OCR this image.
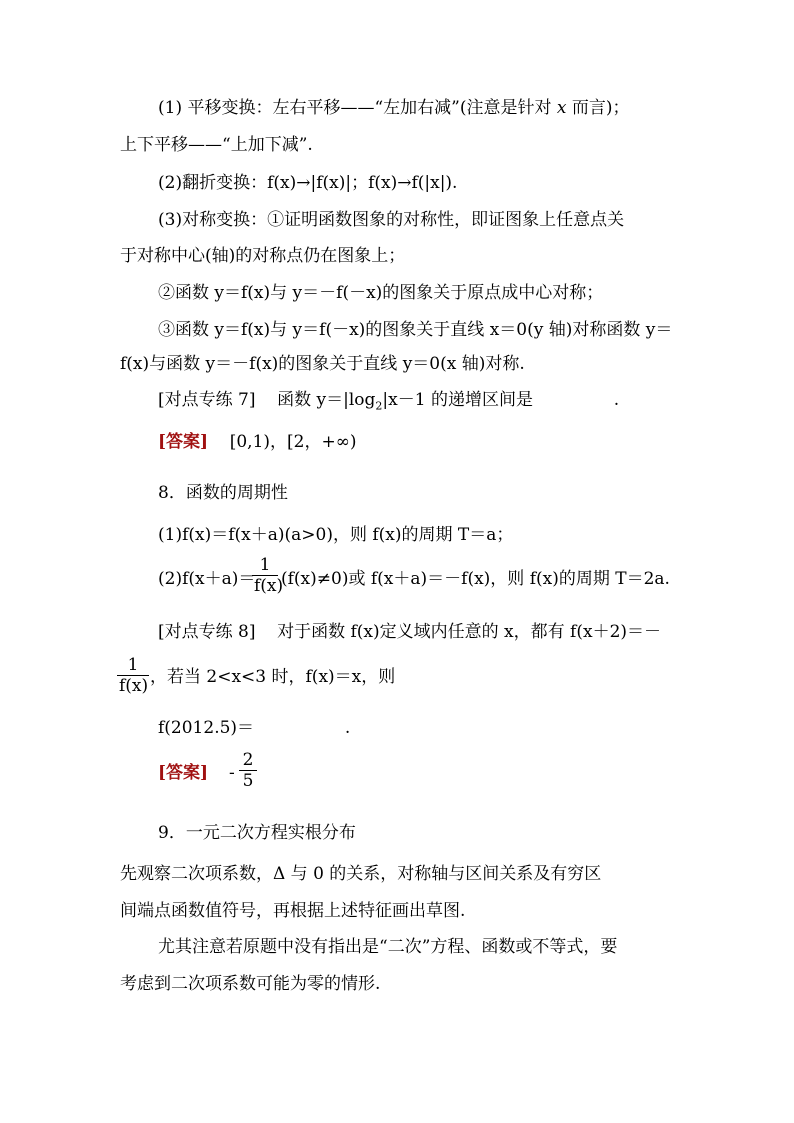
(1) 平移变换：左右平移——“左加右减”(注意是针对 x 而言)；
上下平移——“上加下减”.
(2)翻折变换：f(x)→|f(x)|；f(x)→f(|x|).
(3)对称变换：①证明函数图象的对称性，即证图象上任意点关
于对称中心(轴)的对称点仍在图象上；
②函数 y＝f(x)与 y＝－f(－x)的图象关于原点成中心对称；
③函数 y＝f(x)与 y＝f(－x)的图象关于直线 x＝0(y 轴)对称函数 y＝
f(x)与函数 y＝－f(x)的图象关于直线 y＝0(x 轴)对称.
[对点专练 7] 函数 $y=|\log_2|x-1$ 的递增区间是	.
[答案] [0,1)，[2，+∞)
8．函数的周期性
(1)f(x)＝f(x＋a)(a>0)，则 f(x)的周期 T＝a；
(2)f(x＋a)＝
$\frac{1}{f(x)} (f(x)\ne 0)$或 f(x＋a)＝－f(x)，则 f(x)的周期 T＝2a.
[对点专练 8] 对于函数 f(x)定义域内任意的 x，都有 f(x＋2)＝－
$\frac{1}{f(x)}$ ，若当 2<x<3 时，f(x)＝x，则
f(2012.5)＝	.
[答案] - $\frac{2}{5}$
9．一元二次方程实根分布
先观察二次项系数，Δ 与 0 的关系，对称轴与区间关系及有穷区
间端点函数值符号，再根据上述特征画出草图.
尤其注意若原题中没有指出是“二次”方程、函数或不等式，要
考虑到二次项系数可能为零的情形.
